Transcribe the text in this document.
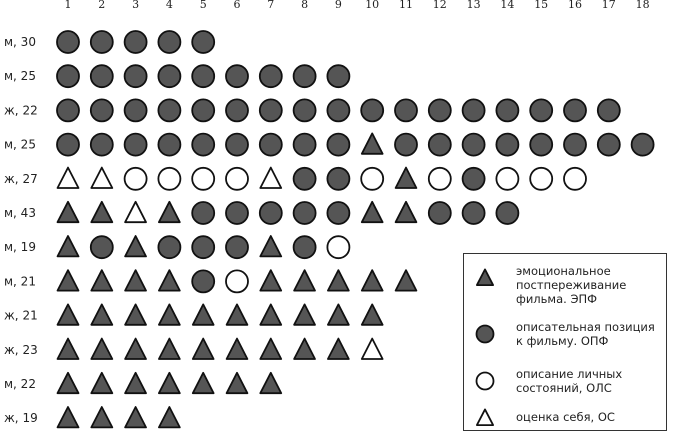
1 2 3 4 5 6 7 8 9 10 11 12 13 14 15 16 17 18
м, 30
м, 25
ж, 22
м, 25
ж, 27
м, 43
м, 19
м, 21
ж, 21
ж, 23
м, 22
ж, 19
эмоциональное
постпереживание
фильма. ЭПФ
описательная позиция
к фильму. ОПФ
описание личных
состояний, ОЛС
оценка себя, ОС
